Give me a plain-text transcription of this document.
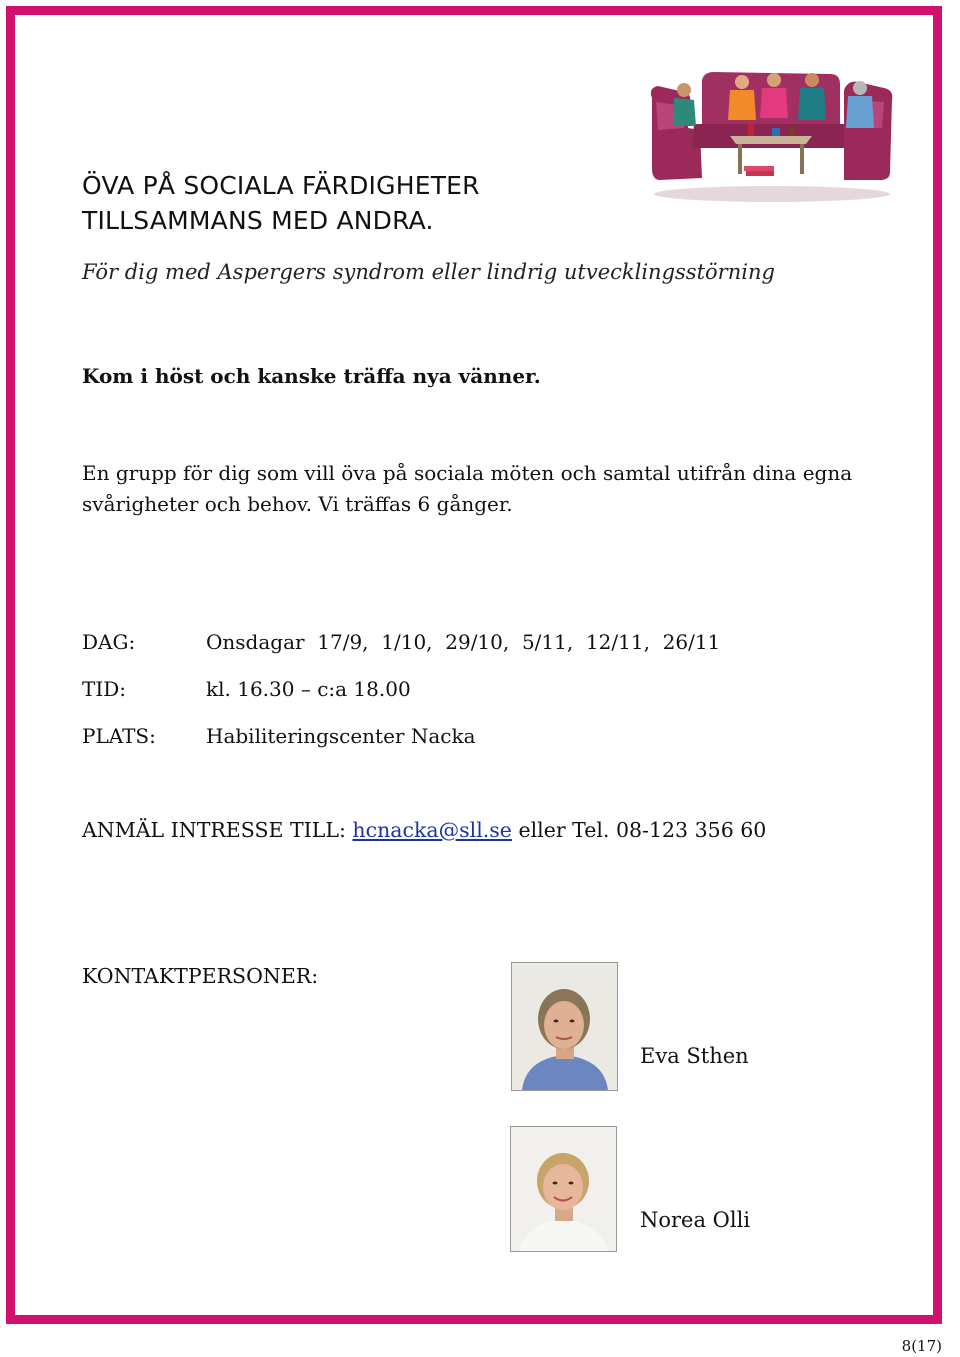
ÖVA PÅ SOCIALA FÄRDIGHETER
TILLSAMMANS MED ANDRA.
För dig med Aspergers syndrom eller lindrig utvecklingsstörning
Kom i höst och kanske träffa nya vänner.
En grupp för dig som vill öva på sociala möten och samtal utifrån dina egna svårigheter och behov. Vi träffas 6 gånger.
DAG:	Onsdagar  17/9,  1/10,  29/10,  5/11,  12/11,  26/11
TID:	kl. 16.30 – c:a 18.00
PLATS:	Habiliteringscenter Nacka
ANMÄL INTRESSE TILL: hcnacka@sll.se eller Tel. 08-123 356 60
KONTAKTPERSONER:
Eva Sthen
Norea Olli
8(17)
